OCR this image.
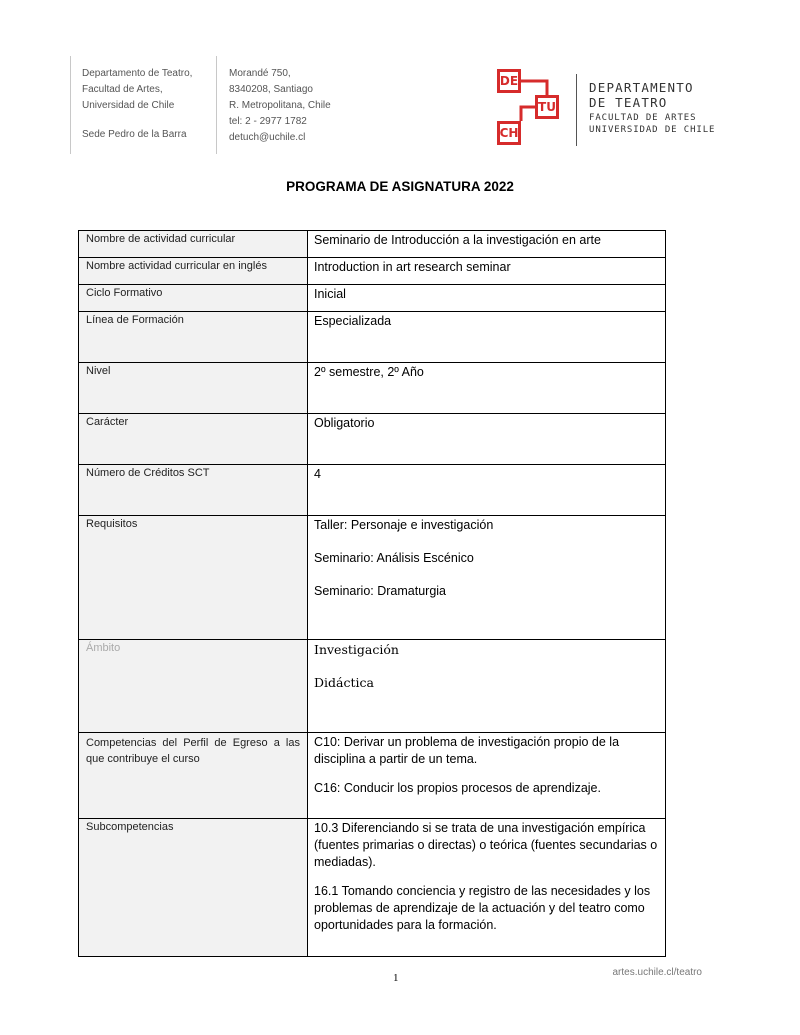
Departamento de Teatro,
Facultad de Artes,
Universidad de Chile
Sede Pedro de la Barra
Morandé 750,
8340208, Santiago
R. Metropolitana, Chile
tel: 2 - 2977 1782
detuch@uchile.cl
DE
TU
CH
DEPARTAMENTO
DE TEATRO
FACULTAD DE ARTES
UNIVERSIDAD DE CHILE
PROGRAMA DE ASIGNATURA 2022
Nombre de actividad curricular	Seminario de Introducción a la investigación en arte

Nombre actividad curricular en inglés	Introduction in art research seminar

Ciclo Formativo	Inicial

Línea de Formación	Especializada

Nivel	2º semestre, 2º Año

Carácter	Obligatorio

Número de Créditos SCT	4

Requisitos	Taller: Personaje e investigación

Seminario: Análisis Escénico

Seminario: Dramaturgia

Ámbito	Investigación

Didáctica

Competencias del Perfil de Egreso a las que contribuye el curso	C10: Derivar un problema de investigación propio de la disciplina a partir de un tema.

C16: Conducir los propios procesos de aprendizaje.

Subcompetencias	10.3 Diferenciando si se trata de una investigación empírica (fuentes primarias o directas) o teórica (fuentes secundarias o mediadas).

16.1 Tomando conciencia y registro de las necesidades y los problemas de aprendizaje de la actuación y del teatro como oportunidades para la formación.

1	artes.uchile.cl/teatro
